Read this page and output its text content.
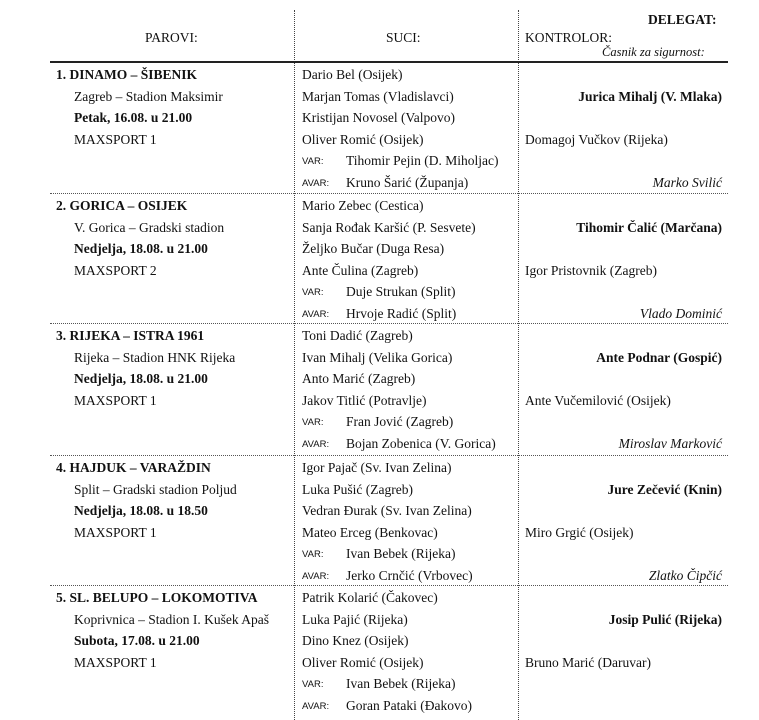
PAROVI:	SUCI:
DELEGAT:
KONTROLOR:
Časnik za sigurnost:
1. DINAMO – ŠIBENIK
Zagreb – Stadion Maksimir
Petak, 16.08. u 21.00
MAXSPORT 1
Dario Bel (Osijek)
Marjan Tomas (Vladislavci)
Kristijan Novosel (Valpovo)
Oliver Romić (Osijek)
VAR: Tihomir Pejin (D. Miholjac)
AVAR: Kruno Šarić (Županja)
Jurica Mihalj (V. Mlaka)
Domagoj Vučkov (Rijeka)
Marko Svilić
2. GORICA – OSIJEK
V. Gorica – Gradski stadion
Nedjelja, 18.08. u 21.00
MAXSPORT 2
Mario Zebec (Cestica)
Sanja Rođak Karšić (P. Sesvete)
Željko Bučar (Duga Resa)
Ante Čulina (Zagreb)
VAR: Duje Strukan (Split)
AVAR: Hrvoje Radić (Split)
Tihomir Čalić (Marčana)
Igor Pristovnik (Zagreb)
Vlado Dominić
3. RIJEKA – ISTRA 1961
Rijeka – Stadion HNK Rijeka
Nedjelja, 18.08. u 21.00
MAXSPORT 1
Toni Dadić (Zagreb)
Ivan Mihalj (Velika Gorica)
Anto Marić (Zagreb)
Jakov Titlić (Potravlje)
VAR: Fran Jović (Zagreb)
AVAR: Bojan Zobenica (V. Gorica)
Ante Podnar (Gospić)
Ante Vučemilović (Osijek)
Miroslav Marković
4. HAJDUK – VARAŽDIN
Split – Gradski stadion Poljud
Nedjelja, 18.08. u 18.50
MAXSPORT 1
Igor Pajač (Sv. Ivan Zelina)
Luka Pušić (Zagreb)
Vedran Đurak (Sv. Ivan Zelina)
Mateo Erceg (Benkovac)
VAR: Ivan Bebek (Rijeka)
AVAR: Jerko Crnčić (Vrbovec)
Jure Zečević (Knin)
Miro Grgić (Osijek)
Zlatko Čipčić
5. SL. BELUPO – LOKOMOTIVA
Koprivnica – Stadion I. Kušek Apaš
Subota, 17.08. u 21.00
MAXSPORT 1
Patrik Kolarić (Čakovec)
Luka Pajić (Rijeka)
Dino Knez (Osijek)
Oliver Romić (Osijek)
VAR: Ivan Bebek (Rijeka)
AVAR: Goran Pataki (Đakovo)
Josip Pulić (Rijeka)
Bruno Marić (Daruvar)
